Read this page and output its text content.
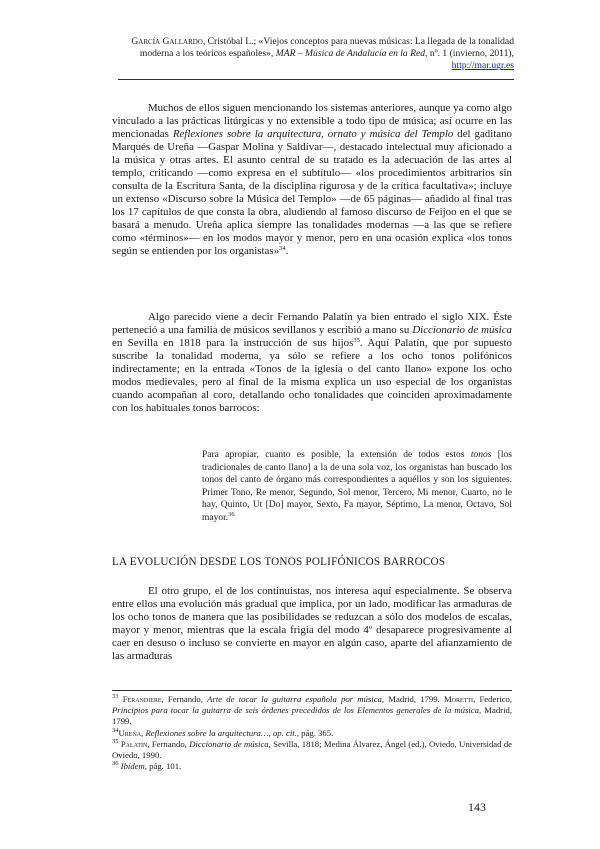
García Gallardo, Cristóbal L.; «Viejos conceptos para nuevas músicas: La llegada de la tonalidad moderna a los teóricos españoles», MAR – Música de Andalucía en la Red, nº. 1 (invierno, 2011), http://mar.ugr.es

Muchos de ellos siguen mencionando los sistemas anteriores, aunque ya como algo vinculado a las prácticas litúrgicas y no extensible a todo tipo de música; así ocurre en las mencionadas Reflexiones sobre la arquitectura, ornato y música del Templo del gaditano Marqués de Ureña —Gaspar Molina y Saldívar—, destacado intelectual muy aficionado a la música y otras artes. El asunto central de su tratado es la adecuación de las artes al templo, criticando —como expresa en el subtítulo— «los procedimientos arbitrarios sin consulta de la Escritura Santa, de la disciplina rigurosa y de la crítica facultativa»; incluye un extenso «Discurso sobre la Música del Templo» —de 65 páginas— añadido al final tras los 17 capítulos de que consta la obra, aludiendo al famoso discurso de Feijoo en el que se basará a menudo. Ureña aplica siempre las tonalidades modernas —a las que se refiere como «términos»— en los modos mayor y menor, pero en una ocasión explica «los tonos según se entienden por los organistas»$^{34}$.

Algo parecido viene a decir Fernando Palatín ya bien entrado el siglo XIX. Éste perteneció a una familia de músicos sevillanos y escribió a mano su Diccionario de música en Sevilla en 1818 para la instrucción de sus hijos$^{35}$. Aquí Palatín, que por supuesto suscribe la tonalidad moderna, ya sólo se refiere a los ocho tonos polifónicos indirectamente; en la entrada «Tonos de la iglesia o del canto llano» expone los ocho modos medievales, pero al final de la misma explica un uso especial de los organistas cuando acompañan al coro, detallando ocho tonalidades que coinciden aproximadamente con los habituales tonos barrocos:

Para apropiar, cuanto es posible, la extensión de todos estos tonos [los tradicionales de canto llano] a la de una sola voz, los organistas han buscado los tonos del canto de órgano más correspondientes a aquéllos y son los siguientes. Primer Tono, Re menor, Segundo, Sol menor, Tercero, Mi menor, Cuarto, no le hay, Quinto, Ut [Do] mayor, Sexto, Fa mayor, Séptimo, La menor, Octavo, Sol mayor.$^{36}$

LA EVOLUCIÓN DESDE LOS TONOS POLIFÓNICOS BARROCOS

El otro grupo, el de los continuistas, nos interesa aquí especialmente. Se observa entre ellos una evolución más gradual que implica, por un lado, modificar las armaduras de los ocho tonos de manera que las posibilidades se reduzcan a sólo dos modelos de escalas, mayor y menor, mientras que la escala frigia del modo 4º desaparece progresivamente al caer en desuso o incluso se convierte en mayor en algún caso, aparte del afianzamiento de las armaduras

$^{33}$ Ferandiere, Fernando, Arte de tocar la guitarra española por música, Madrid, 1799. Moretti, Federico, Principios para tocar la guitarra de seis órdenes precedidos de los Elementos generales de la música, Madrid, 1799.

$^{34}$Ureña, Reflexiones sobre la arquitectura…, op. cit., pág. 365.

$^{35}$ Palatín, Fernando, Diccionario de música, Sevilla, 1818; Medina Álvarez, Ángel (ed.), Oviedo, Universidad de Oviedo, 1990.

$^{36}$ Ibídem, pág. 101.

143
